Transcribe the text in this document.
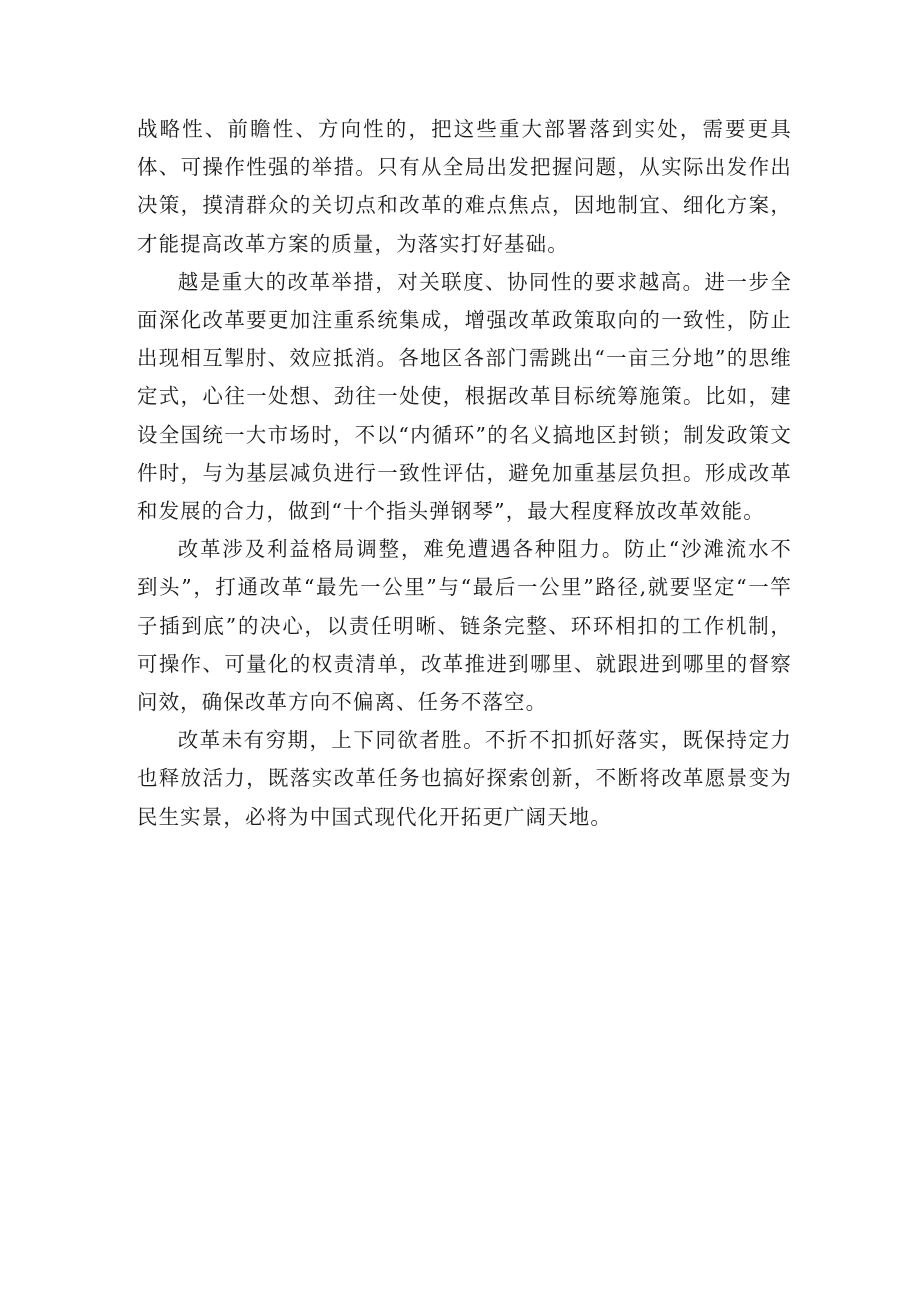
战略性、前瞻性、方向性的，把这些重大部署落到实处，需要更具体、可操作性强的举措。只有从全局出发把握问题，从实际出发作出决策，摸清群众的关切点和改革的难点焦点，因地制宜、细化方案，才能提高改革方案的质量，为落实打好基础。

越是重大的改革举措，对关联度、协同性的要求越高。进一步全面深化改革要更加注重系统集成，增强改革政策取向的一致性，防止出现相互掣肘、效应抵消。各地区各部门需跳出“一亩三分地”的思维定式，心往一处想、劲往一处使，根据改革目标统筹施策。比如，建设全国统一大市场时，不以“内循环”的名义搞地区封锁；制发政策文件时，与为基层减负进行一致性评估，避免加重基层负担。形成改革和发展的合力，做到“十个指头弹钢琴”，最大程度释放改革效能。

改革涉及利益格局调整，难免遭遇各种阻力。防止“沙滩流水不到头”，打通改革“最先一公里”与“最后一公里”路径,就要坚定“一竿子插到底”的决心，以责任明晰、链条完整、环环相扣的工作机制，可操作、可量化的权责清单，改革推进到哪里、就跟进到哪里的督察问效，确保改革方向不偏离、任务不落空。

改革未有穷期，上下同欲者胜。不折不扣抓好落实，既保持定力也释放活力，既落实改革任务也搞好探索创新，不断将改革愿景变为民生实景，必将为中国式现代化开拓更广阔天地。
